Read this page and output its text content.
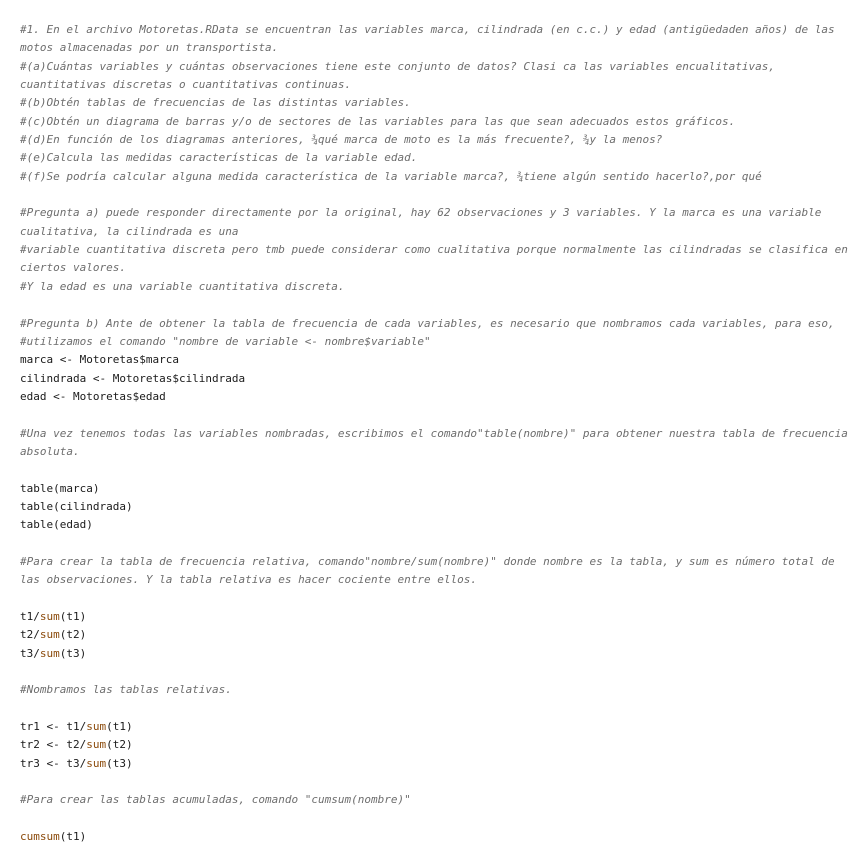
#1. En el archivo Motoretas.RData se encuentran las variables marca, cilindrada (en c.c.) y edad (antigüedaden años) de las motos almacenadas por un transportista.
#(a)Cuántas variables y cuántas observaciones tiene este conjunto de datos? Clasi ca las variables encualitativas, cuantitativas discretas o cuantitativas continuas.
#(b)Obtén tablas de frecuencias de las distintas variables.
#(c)Obtén un diagrama de barras y/o de sectores de las variables para las que sean adecuados estos gráficos.
#(d)En función de los diagramas anteriores, ¾qué marca de moto es la más frecuente?, ¾y la menos?
#(e)Calcula las medidas características de la variable edad.
#(f)Se podría calcular alguna medida característica de la variable marca?, ¾tiene algún sentido hacerlo?,por qué
#Pregunta a) puede responder directamente por la original, hay 62 observaciones y 3 variables. Y la marca es una variable cualitativa, la cilindrada es una
#variable cuantitativa discreta pero tmb puede considerar como cualitativa porque normalmente las cilindradas se clasifica en ciertos valores.
#Y la edad es una variable cuantitativa discreta.
#Pregunta b) Ante de obtener la tabla de frecuencia de cada variables, es necesario que nombramos cada variables, para eso, #utilizamos el comando "nombre de variable <- nombre$variable"
marca <- Motoretas$marca
cilindrada <- Motoretas$cilindrada
edad <- Motoretas$edad
#Una vez tenemos todas las variables nombradas, escribimos el comando"table(nombre)" para obtener nuestra tabla de frecuencia absoluta.
table(marca)
table(cilindrada)
table(edad)
#Para crear la tabla de frecuencia relativa, comando"nombre/sum(nombre)" donde nombre es la tabla, y sum es número total de las observaciones. Y la tabla relativa es hacer cociente entre ellos.
t1/sum(t1)
t2/sum(t2)
t3/sum(t3)
#Nombramos las tablas relativas.
tr1 <- t1/sum(t1)
tr2 <- t2/sum(t2)
tr3 <- t3/sum(t3)
#Para crear las tablas acumuladas, comando "cumsum(nombre)"
cumsum(t1)
